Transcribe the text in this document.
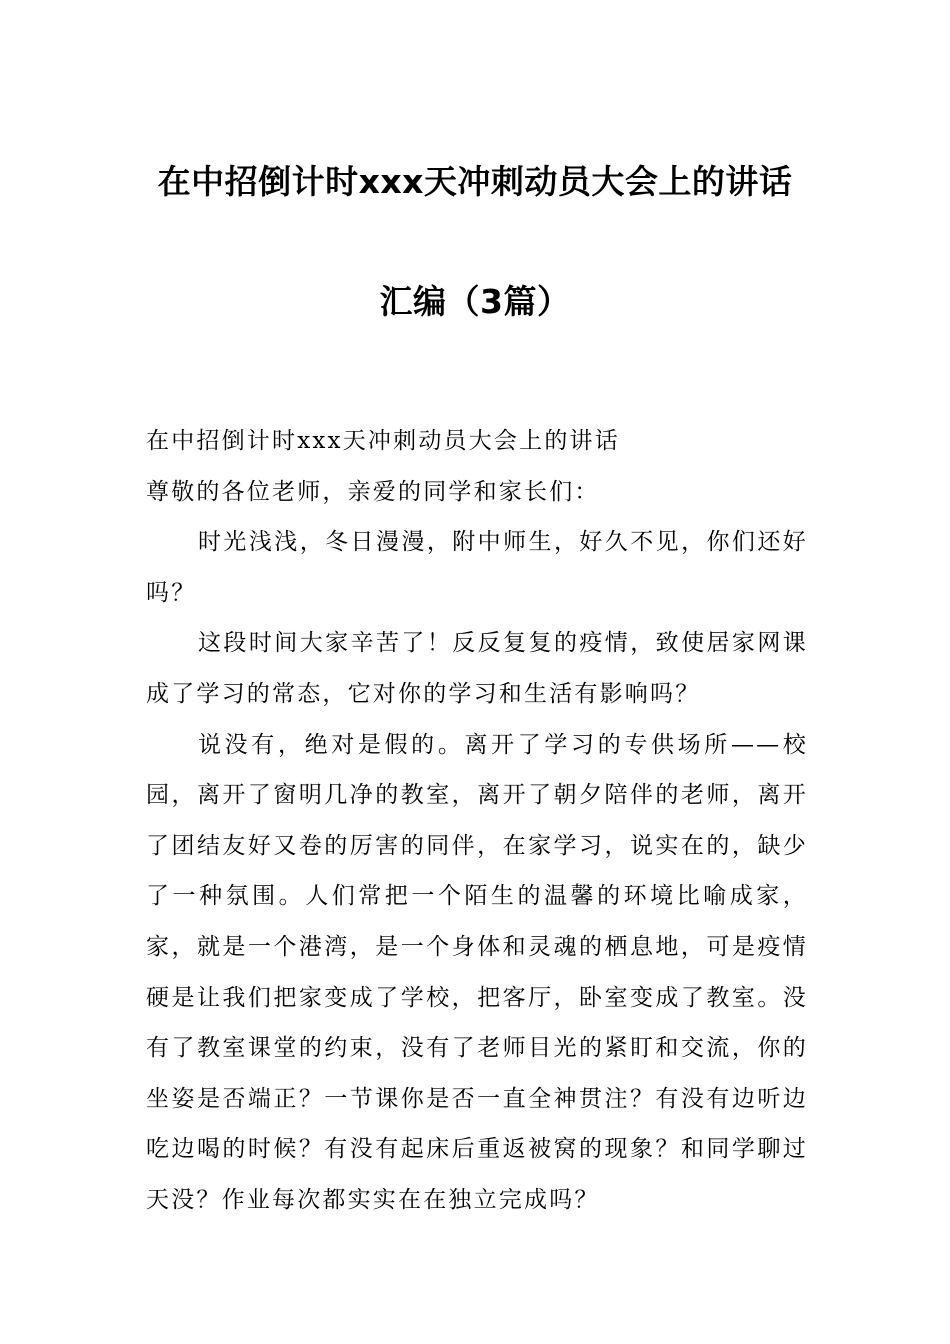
在中招倒计时xxx天冲刺动员大会上的讲话
汇编（3篇）

在中招倒计时xxx天冲刺动员大会上的讲话

尊敬的各位老师，亲爱的同学和家长们：

时光浅浅，冬日漫漫，附中师生，好久不见，你们还好吗？

这段时间大家辛苦了！反反复复的疫情，致使居家网课成了学习的常态，它对你的学习和生活有影响吗？

说没有，绝对是假的。离开了学习的专供场所——校园，离开了窗明几净的教室，离开了朝夕陪伴的老师，离开了团结友好又卷的厉害的同伴，在家学习，说实在的，缺少了一种氛围。人们常把一个陌生的温馨的环境比喻成家，家，就是一个港湾，是一个身体和灵魂的栖息地，可是疫情硬是让我们把家变成了学校，把客厅，卧室变成了教室。没有了教室课堂的约束，没有了老师目光的紧盯和交流，你的坐姿是否端正？一节课你是否一直全神贯注？有没有边听边吃边喝的时候？有没有起床后重返被窝的现象？和同学聊过天没？作业每次都实实在在独立完成吗？
